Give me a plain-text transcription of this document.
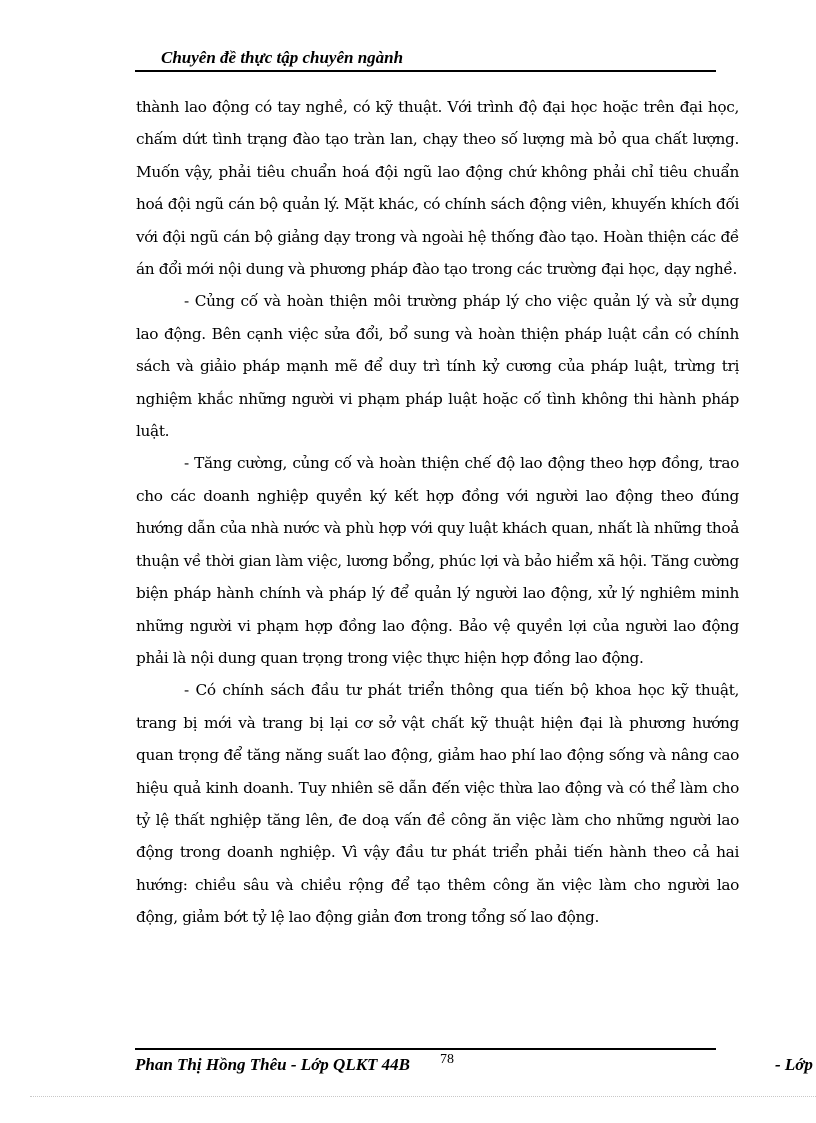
Chuyên đề thực tập chuyên ngành

thành lao động có tay nghề, có kỹ thuật. Với trình độ đại học hoặc trên đại học, chấm dứt tình trạng đào tạo tràn lan, chạy theo số lượng mà bỏ qua chất lượng. Muốn vậy, phải tiêu chuẩn hoá đội ngũ lao động chứ không phải chỉ tiêu chuẩn hoá đội ngũ cán bộ quản lý. Mặt khác, có chính sách động viên, khuyến khích đối với đội ngũ cán bộ giảng dạy trong và ngoài hệ thống đào tạo. Hoàn thiện các đề án đổi mới nội dung và phương pháp đào tạo trong các trường đại học, dạy nghề.

- Củng cố và hoàn thiện môi trường pháp lý cho việc quản lý và sử dụng lao động. Bên cạnh việc sửa đổi, bổ sung và hoàn thiện pháp luật cần có chính sách và giảio pháp mạnh mẽ để duy trì tính kỷ cương của pháp luật, trừng trị nghiệm khắc những người vi phạm pháp luật hoặc cố tình không thi hành pháp luật.

- Tăng cường, củng cố và hoàn thiện chế độ lao động theo hợp đồng, trao cho các doanh nghiệp quyền ký kết hợp đồng với người lao động theo đúng hướng dẫn của nhà nước và phù hợp với quy luật khách quan, nhất là những thoả thuận về thời gian làm việc, lương bổng, phúc lợi và bảo hiểm xã hội. Tăng cường biện pháp hành chính và pháp lý để quản lý người lao động, xử lý nghiêm minh những người vi phạm hợp đồng lao động. Bảo vệ quyền lợi của người lao động phải là nội dung quan trọng trong việc thực hiện hợp đồng lao động.

- Có chính sách đầu tư phát triển thông qua tiến bộ khoa học kỹ thuật, trang bị mới và trang bị lại cơ sở vật chất kỹ thuật hiện đại là phương hướng quan trọng để tăng năng suất lao động, giảm hao phí lao động sống và nâng cao hiệu quả kinh doanh. Tuy nhiên sẽ dẫn đến việc thừa lao động và có thể làm cho tỷ lệ thất nghiệp tăng lên, đe doạ vấn đề công ăn việc làm cho những người lao động trong doanh nghiệp. Vì vậy đầu tư phát triển phải tiến hành theo cả hai hướng: chiều sâu và chiều rộng để tạo thêm công ăn việc làm cho người lao động, giảm bớt tỷ lệ lao động giản đơn trong tổng số lao động.

Phan Thị Hồng Thêu - Lớp QLKT 44B 78	- Lớp
